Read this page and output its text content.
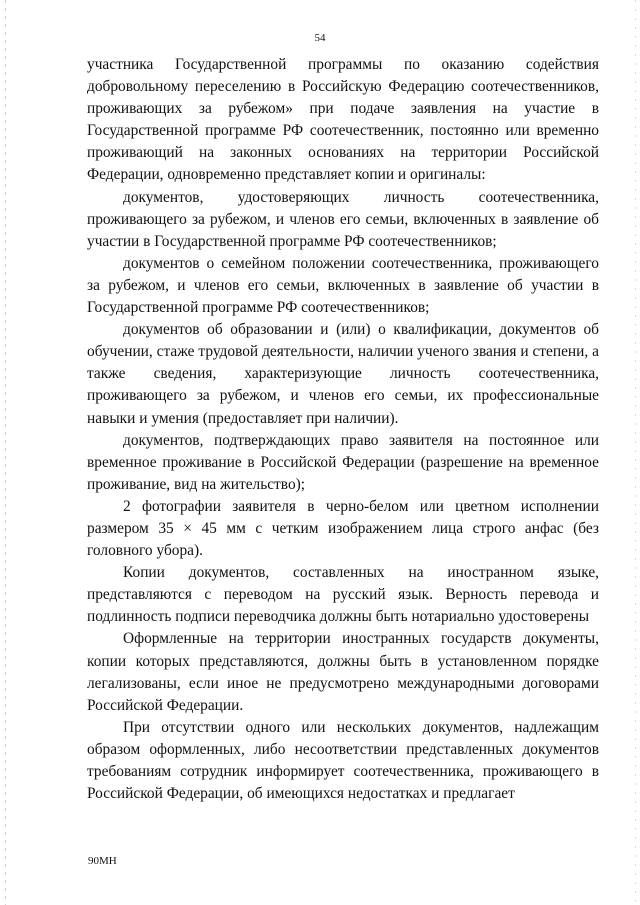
54

участника Государственной программы по оказанию содействия добровольному переселению в Российскую Федерацию соотечественников, проживающих за рубежом» при подаче заявления на участие в Государственной программе РФ соотечественник, постоянно или временно проживающий на законных основаниях на территории Российской Федерации, одновременно представляет копии и оригиналы:

документов, удостоверяющих личность соотечественника, проживающего за рубежом, и членов его семьи, включенных в заявление об участии в Государственной программе РФ соотечественников;

документов о семейном положении соотечественника, проживающего за рубежом, и членов его семьи, включенных в заявление об участии в Государственной программе РФ соотечественников;

документов об образовании и (или) о квалификации, документов об обучении, стаже трудовой деятельности, наличии ученого звания и степени, а также сведения, характеризующие личность соотечественника, проживающего за рубежом, и членов его семьи, их профессиональные навыки и умения (предоставляет при наличии).

документов, подтверждающих право заявителя на постоянное или временное проживание в Российской Федерации (разрешение на временное проживание, вид на жительство);

2 фотографии заявителя в черно-белом или цветном исполнении размером 35 × 45 мм с четким изображением лица строго анфас (без головного убора).

Копии документов, составленных на иностранном языке, представляются с переводом на русский язык. Верность перевода и подлинность подписи переводчика должны быть нотариально удостоверены

Оформленные на территории иностранных государств документы, копии которых представляются, должны быть в установленном порядке легализованы, если иное не предусмотрено международными договорами Российской Федерации.

При отсутствии одного или нескольких документов, надлежащим образом оформленных, либо несоответствии представленных документов требованиям сотрудник информирует соотечественника, проживающего в Российской Федерации, об имеющихся недостатках и предлагает

90МН
